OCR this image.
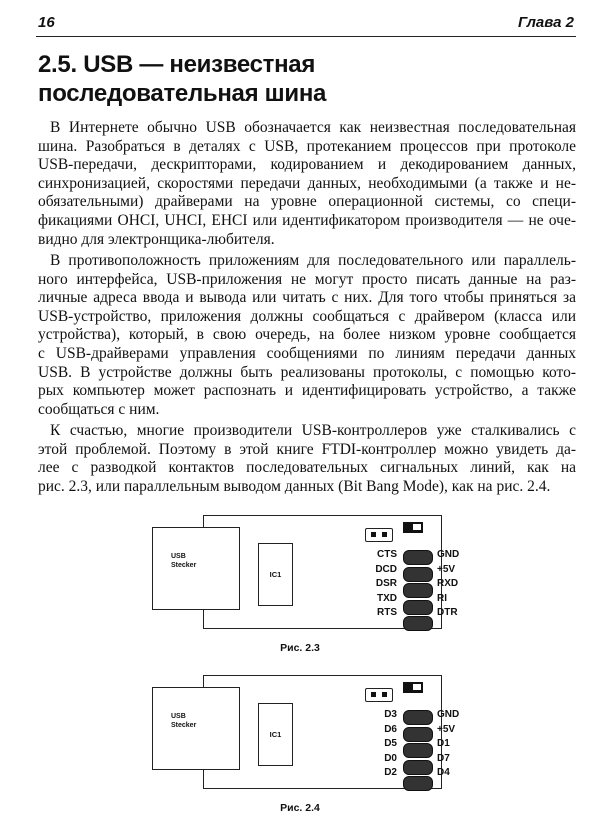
16	Глава 2
2.5. USB — неизвестная
последовательная шина
В Интернете обычно USB обозначается как неизвестная последовательная
шина. Разобраться в деталях с USB, протеканием процессов при протоколе
USB-передачи, дескрипторами, кодированием и декодированием данных,
синхронизацией, скоростями передачи данных, необходимыми (а также и не-
обязательными) драйверами на уровне операционной системы, со специ-
фикациями OHCI, UHCI, EHCI или идентификатором производителя — не оче-
видно для электронщика-любителя.
В противоположность приложениям для последовательного или параллель-
ного интерфейса, USB-приложения не могут просто писать данные на раз-
личные адреса ввода и вывода или читать с них. Для того чтобы приняться за
USB-устройство, приложения должны сообщаться с драйвером (класса или
устройства), который, в свою очередь, на более низком уровне сообщается
с USB-драйверами управления сообщениями по линиям передачи данных
USB. В устройстве должны быть реализованы протоколы, с помощью кото-
рых компьютер может распознать и идентифицировать устройство, а также
сообщаться с ним.
К счастью, многие производители USB-контроллеров уже сталкивались с
этой проблемой. Поэтому в этой книге FTDI-контроллер можно увидеть да-
лее с разводкой контактов последовательных сигнальных линий, как на
рис. 2.3, или параллельным выводом данных (Bit Bang Mode), как на рис. 2.4.
USB Stecker
IC1
CTS	GND
DCD	+5V
DSR	RXD
TXD	RI
RTS	DTR
Рис. 2.3
USB Stecker
IC1
D3	GND
D6	+5V
D5	D1
D0	D7
D2	D4
Рис. 2.4
